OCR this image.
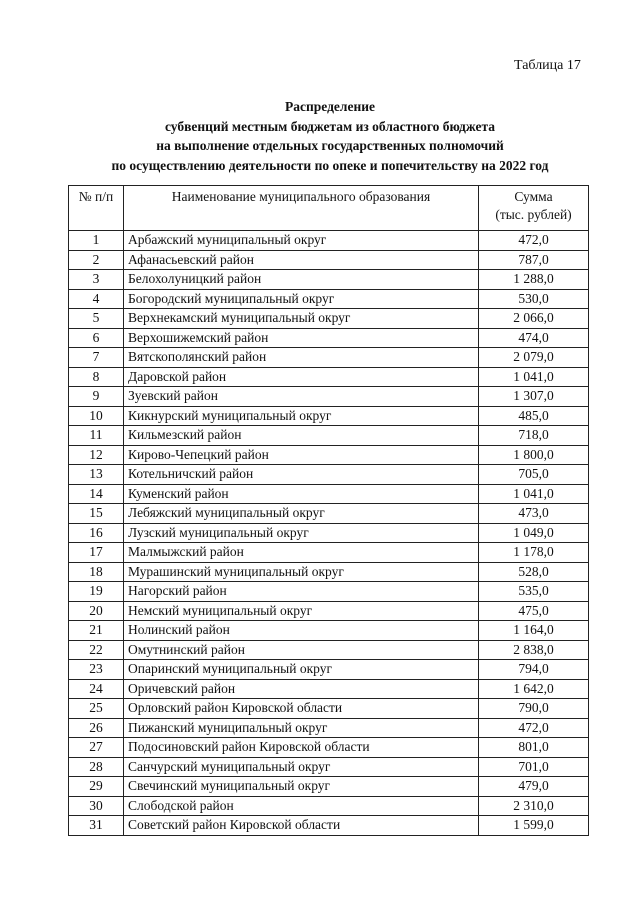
Таблица 17
Распределение
субвенций местным бюджетам из областного бюджета
на выполнение отдельных государственных полномочий
по осуществлению деятельности по опеке и попечительству на 2022 год
№ п/п	Наименование муниципального образования	Сумма
(тыс. рублей)

1	Арбажский муниципальный округ	472,0
2	Афанасьевский район	787,0
3	Белохолуницкий район	1 288,0
4	Богородский муниципальный округ	530,0
5	Верхнекамский муниципальный округ	2 066,0
6	Верхошижемский район	474,0
7	Вятскополянский район	2 079,0
8	Даровской район	1 041,0
9	Зуевский район	1 307,0
10	Кикнурский муниципальный округ	485,0
11	Кильмезский район	718,0
12	Кирово-Чепецкий район	1 800,0
13	Котельничский район	705,0
14	Куменский район	1 041,0
15	Лебяжский муниципальный округ	473,0
16	Лузский муниципальный округ	1 049,0
17	Малмыжский район	1 178,0
18	Мурашинский муниципальный округ	528,0
19	Нагорский район	535,0
20	Немский муниципальный округ	475,0
21	Нолинский район	1 164,0
22	Омутнинский район	2 838,0
23	Опаринский муниципальный округ	794,0
24	Оричевский район	1 642,0
25	Орловский район Кировской области	790,0
26	Пижанский муниципальный округ	472,0
27	Подосиновский район Кировской области	801,0
28	Санчурский муниципальный округ	701,0
29	Свечинский муниципальный округ	479,0
30	Слободской район	2 310,0
31	Советский район Кировской области	1 599,0
